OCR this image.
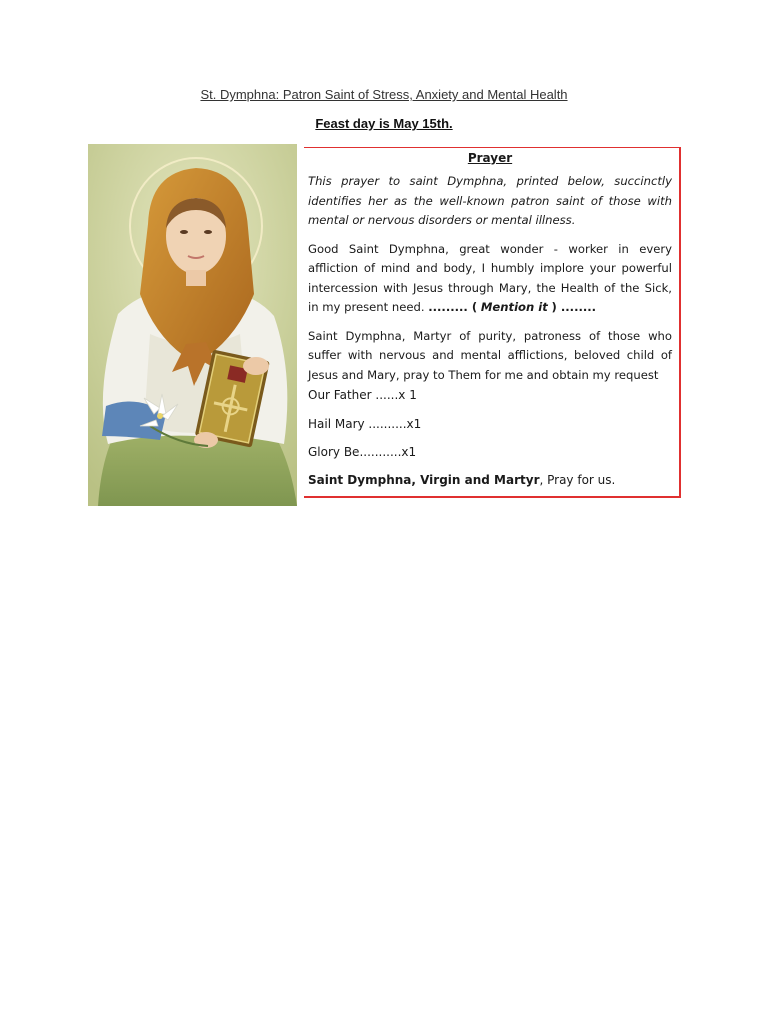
St. Dymphna: Patron Saint of Stress, Anxiety and Mental Health
Feast day is May 15th.
Prayer

This prayer to saint Dymphna, printed below, succinctly identifies her as the well-known patron saint of those with mental or nervous disorders or mental illness.

Good Saint Dymphna, great wonder - worker in every affliction of mind and body, I humbly implore your powerful intercession with Jesus through Mary, the Health of the Sick, in my present need. ......... ( Mention it ) ........

Saint Dymphna, Martyr of purity, patroness of those who suffer with nervous and mental afflictions, beloved child of Jesus and Mary, pray to Them for me and obtain my request

Our Father ......x 1

Hail Mary ..........x1

Glory Be...........x1

Saint Dymphna, Virgin and Martyr, Pray for us.
